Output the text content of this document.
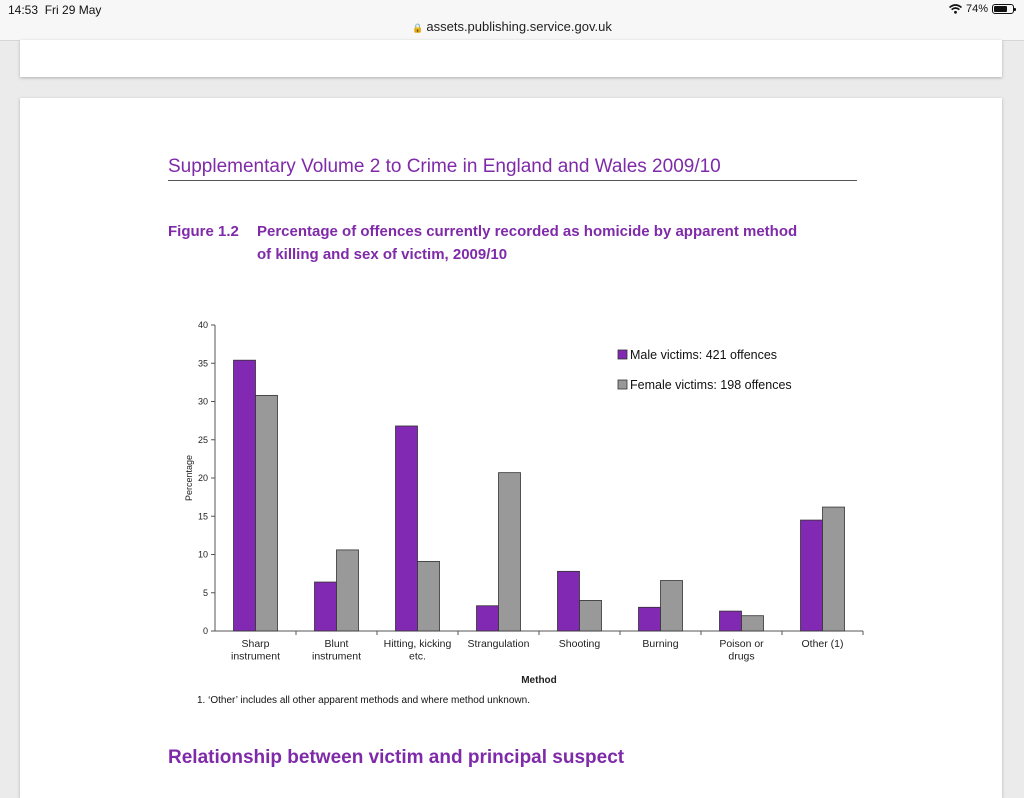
14:53 Fri 29 May
🔒 assets.publishing.service.gov.uk
74%
Supplementary Volume 2 to Crime in England and Wales 2009/10
Figure 1.2 Percentage of offences currently recorded as homicide by apparent method
of killing and sex of victim, 2009/10
0
5
10
15
20
25
30
35
40
Percentage
Sharp
instrument
Blunt
instrument
Hitting, kicking
etc.
Strangulation	Shooting	Burning	Poison or
drugs
Other (1)
Method
Male victims: 421 offences
Female victims: 198 offences
1. ‘Other’ includes all other apparent methods and where method unknown.
Relationship between victim and principal suspect
